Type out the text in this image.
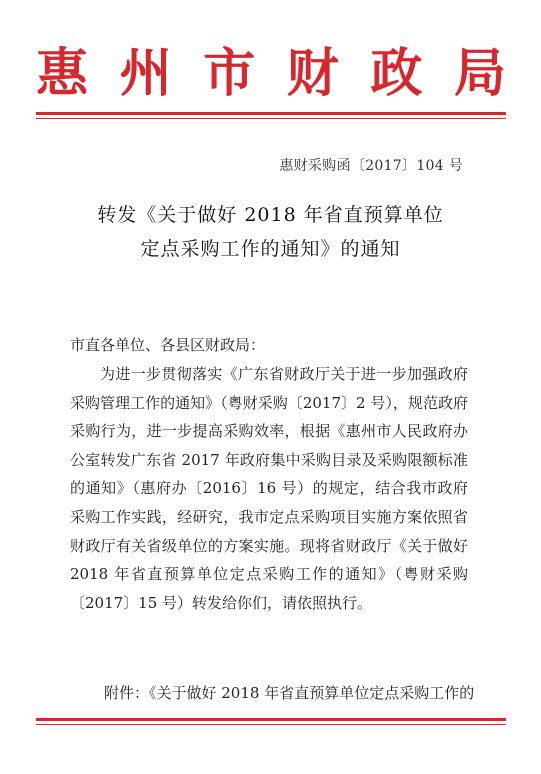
惠 州 市 财 政 局
惠财采购函〔2017〕104 号
转发《关于做好 2018 年省直预算单位
定点采购工作的通知》的通知
市直各单位、各县区财政局：
为进一步贯彻落实《广东省财政厅关于进一步加强政府采购管理工作的通知》（粤财采购〔2017〕2 号），规范政府采购行为，进一步提高采购效率，根据《惠州市人民政府办公室转发广东省 2017 年政府集中采购目录及采购限额标准的通知》（惠府办〔2016〕16 号）的规定，结合我市政府采购工作实践，经研究，我市定点采购项目实施方案依照省财政厅有关省级单位的方案实施。现将省财政厅《关于做好 2018 年省直预算单位定点采购工作的通知》（粤财采购〔2017〕15 号）转发给你们，请依照执行。
附件：《关于做好 2018 年省直预算单位定点采购工作的
